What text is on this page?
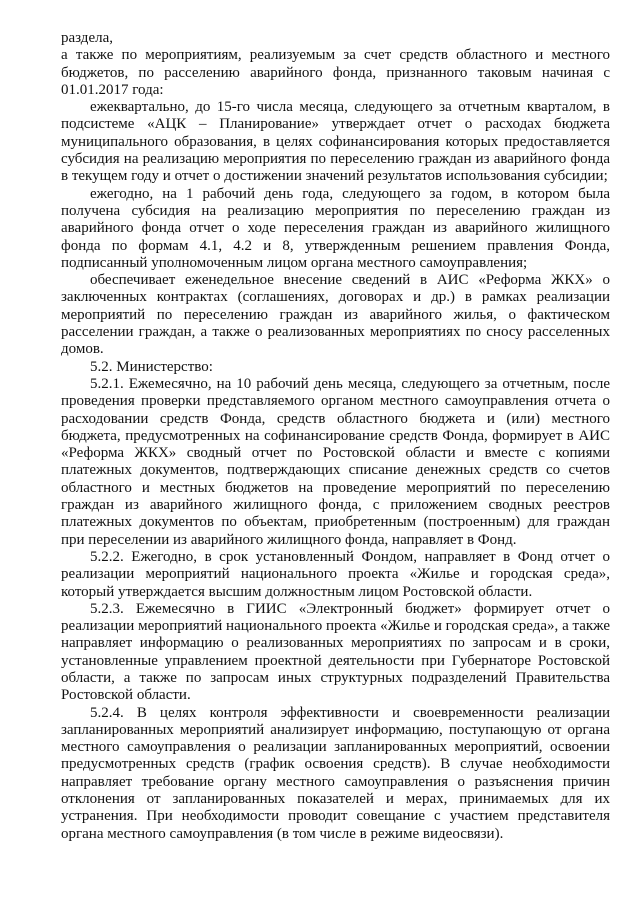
раздела,

а также по мероприятиям, реализуемым за счет средств областного и местного бюджетов, по расселению аварийного фонда, признанного таковым начиная с 01.01.2017 года:

ежеквартально, до 15-го числа месяца, следующего за отчетным кварталом, в подсистеме «АЦК – Планирование» утверждает отчет о расходах бюджета муниципального образования, в целях софинансирования которых предоставляется субсидия на реализацию мероприятия по переселению граждан из аварийного фонда в текущем году и отчет о достижении значений результатов использования субсидии;

ежегодно, на 1 рабочий день года, следующего за годом, в котором была получена субсидия на реализацию мероприятия по переселению граждан из аварийного фонда отчет о ходе переселения граждан из аварийного жилищного фонда по формам 4.1, 4.2 и 8, утвержденным решением правления Фонда, подписанный уполномоченным лицом органа местного самоуправления;

обеспечивает еженедельное внесение сведений в АИС «Реформа ЖКХ» о заключенных контрактах (соглашениях, договорах и др.) в рамках реализации мероприятий по переселению граждан из аварийного жилья, о фактическом расселении граждан, а также о реализованных мероприятиях по сносу расселенных домов.

5.2. Министерство:

5.2.1. Ежемесячно, на 10 рабочий день месяца, следующего за отчетным, после проведения проверки представляемого органом местного самоуправления отчета о расходовании средств Фонда, средств областного бюджета и (или) местного бюджета, предусмотренных на софинансирование средств Фонда, формирует в АИС «Реформа ЖКХ» сводный отчет по Ростовской области и вместе с копиями платежных документов, подтверждающих списание денежных средств со счетов областного и местных бюджетов на проведение мероприятий по переселению граждан из аварийного жилищного фонда, с приложением сводных реестров платежных документов по объектам, приобретенным (построенным) для граждан при переселении из аварийного жилищного фонда, направляет в Фонд.

5.2.2. Ежегодно, в срок установленный Фондом, направляет в Фонд отчет о реализации мероприятий национального проекта «Жилье и городская среда», который утверждается высшим должностным лицом Ростовской области.

5.2.3. Ежемесячно в ГИИС «Электронный бюджет» формирует отчет о реализации мероприятий национального проекта «Жилье и городская среда», а также направляет информацию о реализованных мероприятиях по запросам и в сроки, установленные управлением проектной деятельности при Губернаторе Ростовской области, а также по запросам иных структурных подразделений Правительства Ростовской области.

5.2.4. В целях контроля эффективности и своевременности реализации запланированных мероприятий анализирует информацию, поступающую от органа местного самоуправления о реализации запланированных мероприятий, освоении предусмотренных средств (график освоения средств). В случае необходимости направляет требование органу местного самоуправления о разъяснения причин отклонения от запланированных показателей и мерах, принимаемых для их устранения. При необходимости проводит совещание с участием представителя органа местного самоуправления (в том числе в режиме видеосвязи).
